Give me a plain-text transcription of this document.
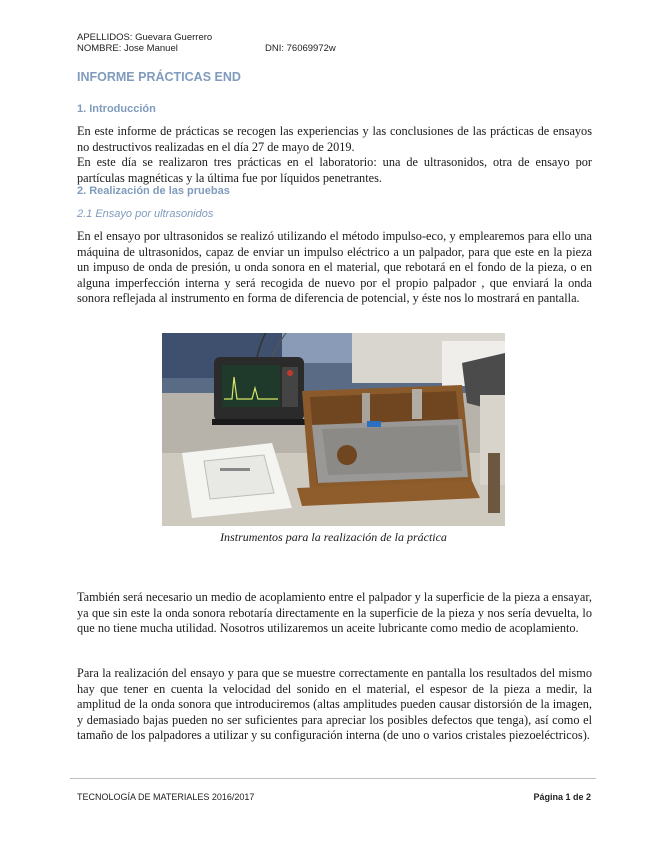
APELLIDOS: Guevara Guerrero
NOMBRE: Jose Manuel	DNI: 76069972w
INFORME PRÁCTICAS END
1. Introducción

En este informe de prácticas se recogen las experiencias y las conclusiones de las prácticas de ensayos no destructivos realizadas en el día 27 de mayo de 2019.

En este día se realizaron tres prácticas en el laboratorio: una de ultrasonidos, otra de ensayo por partículas magnéticas y la última fue por líquidos penetrantes.

2. Realización de las pruebas
2.1 Ensayo por ultrasonidos

En el ensayo por ultrasonidos se realizó utilizando el método impulso-eco, y emplearemos para ello una máquina de ultrasonidos, capaz de enviar un impulso eléctrico a un palpador, para que este en la pieza un impuso de onda de presión, u onda sonora en el material, que rebotará en el fondo de la pieza, o en alguna imperfección interna y será recogida de nuevo por el propio palpador , que enviará la onda sonora reflejada al instrumento en forma de diferencia de potencial, y éste nos lo mostrará en pantalla.

Instrumentos para la realización de la práctica

También será necesario un medio de acoplamiento entre el palpador y la superficie de la pieza a ensayar, ya que sin este la onda sonora rebotaría directamente en la superficie de la pieza y nos sería devuelta, lo que no tiene mucha utilidad. Nosotros utilizaremos un aceite lubricante como medio de acoplamiento.

Para la realización del ensayo y para que se muestre correctamente en pantalla los resultados del mismo hay que tener en cuenta la velocidad del sonido en el material, el espesor de la pieza a medir, la amplitud de la onda sonora que introduciremos (altas amplitudes pueden causar distorsión de la imagen, y demasiado bajas pueden no ser suficientes para apreciar los posibles defectos que tenga), así como el tamaño de los palpadores a utilizar y su configuración interna (de uno o varios cristales piezoeléctricos).

TECNOLOGÍA DE MATERIALES 2016/2017	Página 1 de 2
